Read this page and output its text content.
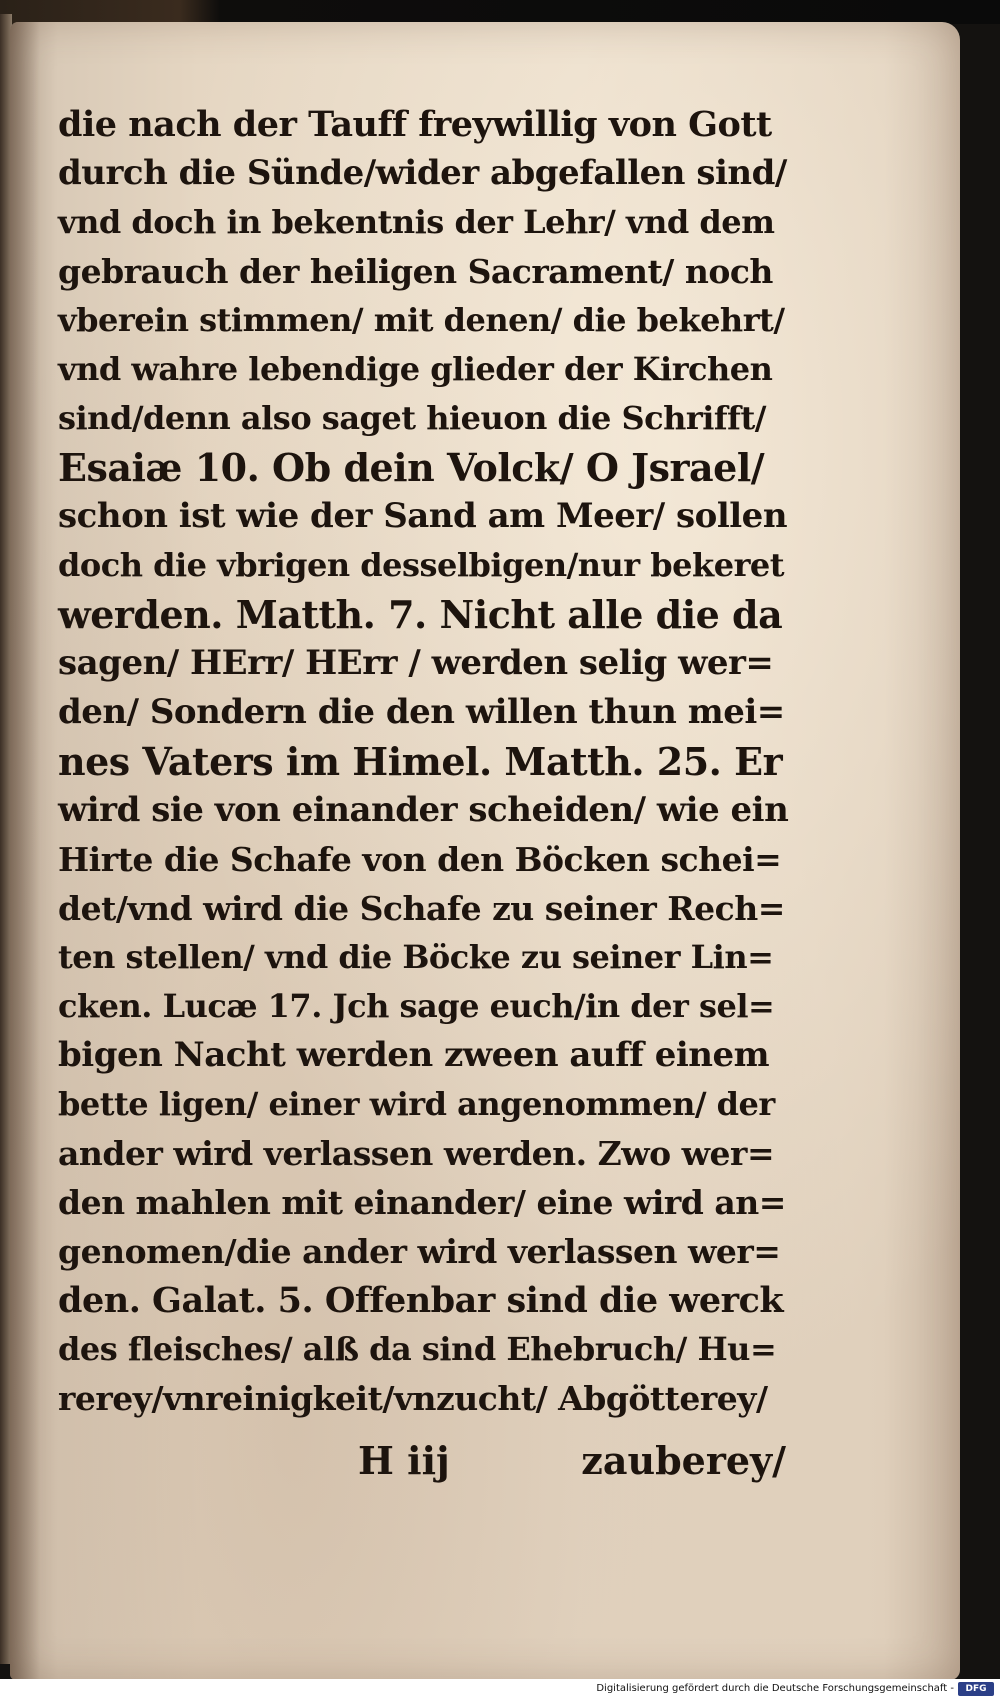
die nach der Tauff freywillig von Gott
durch die Sünde/wider abgefallen sind/
vnd doch in bekentnis der Lehr/ vnd dem
gebrauch der heiligen Sacrament/ noch
vberein stimmen/ mit denen/ die bekehrt/
vnd wahre lebendige glieder der Kirchen
sind/denn also saget hieuon die Schrifft/
Esaiæ 10. Ob dein Volck/ O Jsrael/
schon ist wie der Sand am Meer/ sollen
doch die vbrigen desselbigen/nur bekeret
werden. Matth. 7. Nicht alle die da
sagen/ HErr/ HErr / werden selig wer=
den/ Sondern die den willen thun mei=
nes Vaters im Himel. Matth. 25. Er
wird sie von einander scheiden/ wie ein
Hirte die Schafe von den Böcken schei=
det/vnd wird die Schafe zu seiner Rech=
ten stellen/ vnd die Böcke zu seiner Lin=
cken. Lucæ 17. Jch sage euch/in der sel=
bigen Nacht werden zween auff einem
bette ligen/ einer wird angenommen/ der
ander wird verlassen werden. Zwo wer=
den mahlen mit einander/ eine wird an=
genomen/die ander wird verlassen wer=
den. Galat. 5. Offenbar sind die werck
des fleisches/ alß da sind Ehebruch/ Hu=
rerey/vnreinigkeit/vnzucht/ Abgötterey/
H iij	zauberey/
Digitalisierung gefördert durch die Deutsche Forschungsgemeinschaft -	DFG
